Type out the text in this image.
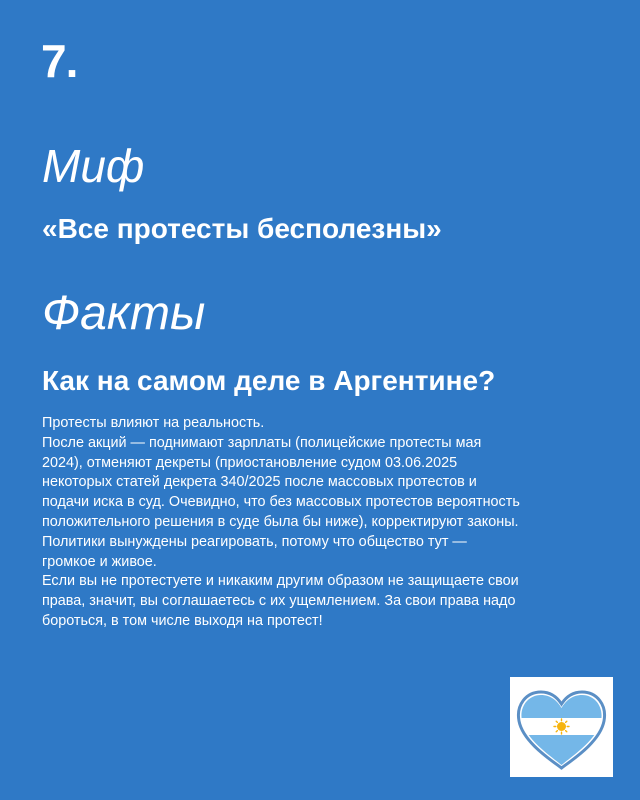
7.
Миф
«Все протесты бесполезны»
Факты
Как на самом деле в Аргентине?
Протесты влияют на реальность.
После акций — поднимают зарплаты (полицейские протесты мая
2024), отменяют декреты (приостановление судом 03.06.2025
некоторых статей декрета 340/2025 после массовых протестов и
подачи иска в суд. Очевидно, что без массовых протестов вероятность
положительного решения в суде была бы ниже), корректируют законы.
Политики вынуждены реагировать, потому что общество тут —
громкое и живое.
Если вы не протестуете и никаким другим образом не защищаете свои
права, значит, вы соглашаетесь с их ущемлением. За свои права надо
бороться, в том числе выходя на протест!
